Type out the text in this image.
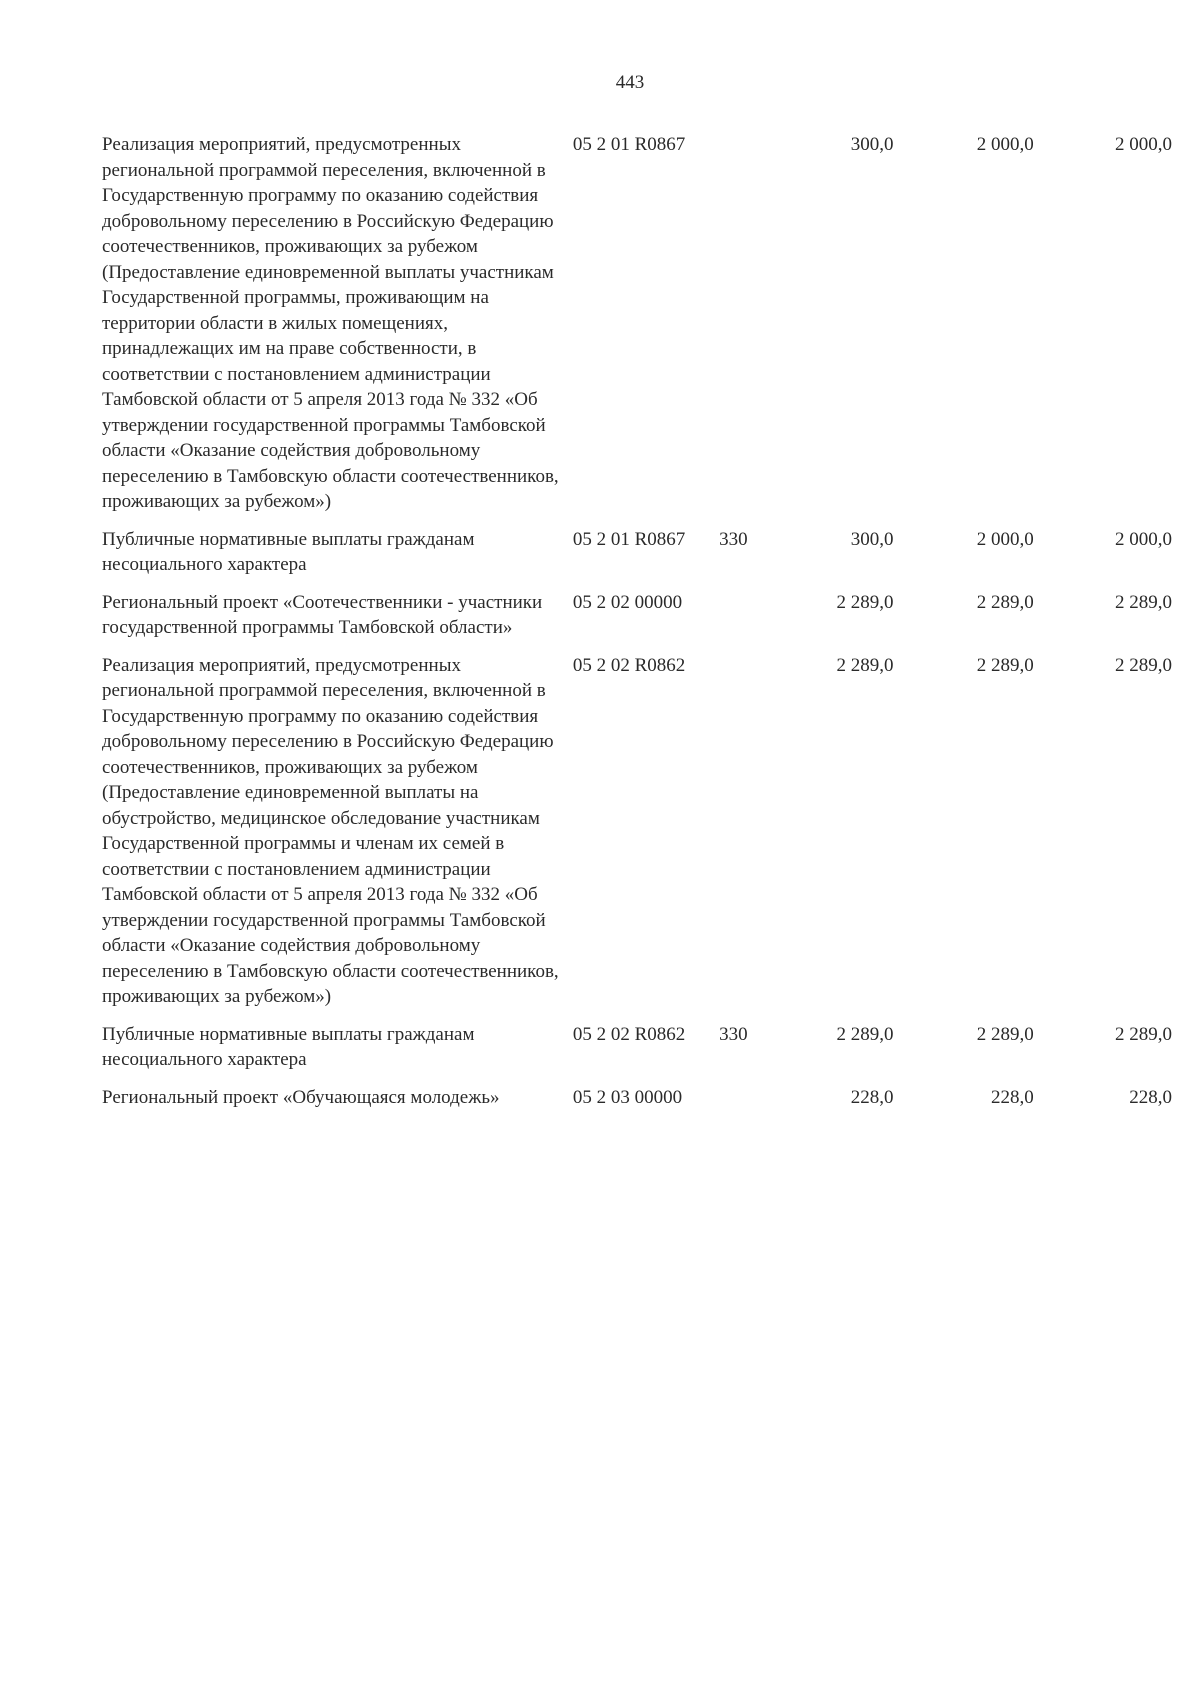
443
Реализация мероприятий, предусмотренных региональной программой переселения, включенной в Государственную программу по оказанию содействия добровольному переселению в Российскую Федерацию соотечественников, проживающих за рубежом (Предоставление единовременной выплаты участникам Государственной программы, проживающим на территории области в жилых помещениях, принадлежащих им на праве собственности, в соответствии с постановлением администрации Тамбовской области от 5 апреля 2013 года № 332 «Об утверждении государственной программы Тамбовской области «Оказание содействия добровольному переселению в Тамбовскую области соотечественников, проживающих за рубежом»)	05 2 01 R0867		300,0	2 000,0	2 000,0
Публичные нормативные выплаты гражданам несоциального характера	05 2 01 R0867	330	300,0	2 000,0	2 000,0
Региональный проект «Соотечественники - участники государственной программы Тамбовской области»	05 2 02 00000		2 289,0	2 289,0	2 289,0
Реализация мероприятий, предусмотренных региональной программой переселения, включенной в Государственную программу по оказанию содействия добровольному переселению в Российскую Федерацию соотечественников, проживающих за рубежом (Предоставление единовременной выплаты на обустройство, медицинское обследование участникам Государственной программы и членам их семей в соответствии с постановлением администрации Тамбовской области от 5 апреля 2013 года № 332 «Об утверждении государственной программы Тамбовской области «Оказание содействия добровольному переселению в Тамбовскую области соотечественников, проживающих за рубежом»)	05 2 02 R0862		2 289,0	2 289,0	2 289,0
Публичные нормативные выплаты гражданам несоциального характера	05 2 02 R0862	330	2 289,0	2 289,0	2 289,0
Региональный проект «Обучающаяся молодежь»	05 2 03 00000		228,0	228,0	228,0
